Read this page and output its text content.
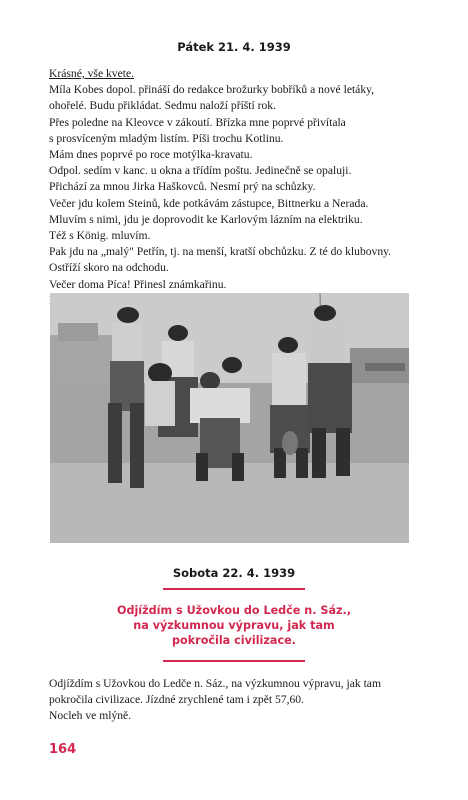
Pátek 21. 4. 1939
Krásné, vše kvete.
Míla Kobes dopol. přináší do redakce brožurky bobříků a nové letáky,
ohořelé. Budu přikládat. Sedmu naloží příští rok.
Přes poledne na Kleovce v zákoutí. Břízka mne poprvé přivítala
s prosvíceným mladým listím. Píši trochu Kotlinu.
Mám dnes poprvé po roce motýlka-kravatu.
Odpol. sedím v kanc. u okna a třídím poštu. Jedinečně se opaluji.
Přichází za mnou Jirka Haškovců. Nesmí prý na schůzky.
Večer jdu kolem Steinů, kde potkávám zástupce, Bittnerku a Nerada.
Mluvím s nimi, jdu je doprovodit ke Karlovým lázním na elektriku.
Též s König. mluvím.
Pak jdu na „malý" Petřín, tj. na menší, kratší obchůzku. Z té do klubovny.
Ostříží skoro na odchodu.
Večer doma Píca! Přinesl známkařinu.
Sobota 22. 4. 1939
Odjíždím s Užovkou do Ledče n. Sáz.,
na výzkumnou výpravu, jak tam
pokročila civilizace.
Odjíždím s Užovkou do Ledče n. Sáz., na výzkumnou výpravu, jak tam
pokročila civilizace. Jízdné zrychlené tam i zpět 57,60.
Nocleh ve mlýně.
164
